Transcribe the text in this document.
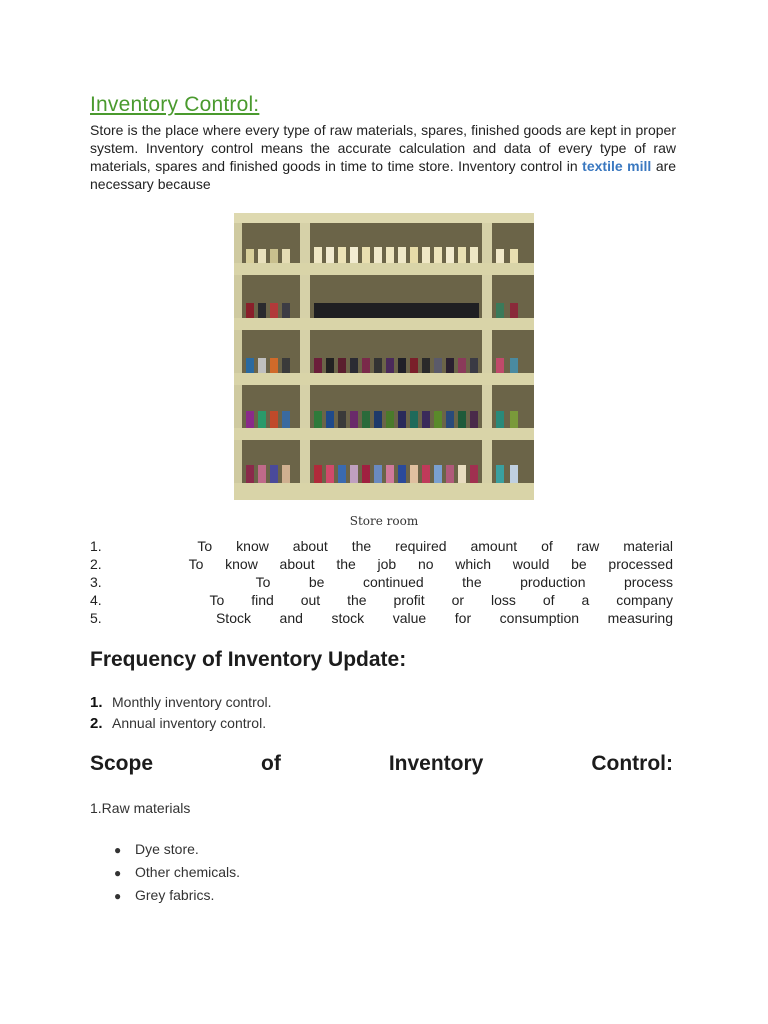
Inventory Control:
Store is the place where every type of raw materials, spares, finished goods are kept in proper system. Inventory control means the accurate calculation and data of every type of raw materials, spares and finished goods in time to time store. Inventory control in textile mill are necessary because
Store room
1.    To know about the required amount of raw material
2.    To know about the job no which would be processed
3.    To be continued the production process
4.    To find out the profit or loss of a company
5.    Stock and stock value for consumption measuring
Frequency of Inventory Update:
1. Monthly inventory control.
2. Annual inventory control.
Scope of Inventory Control:
1.Raw materials
● Dye store.
● Other chemicals.
● Grey fabrics.
